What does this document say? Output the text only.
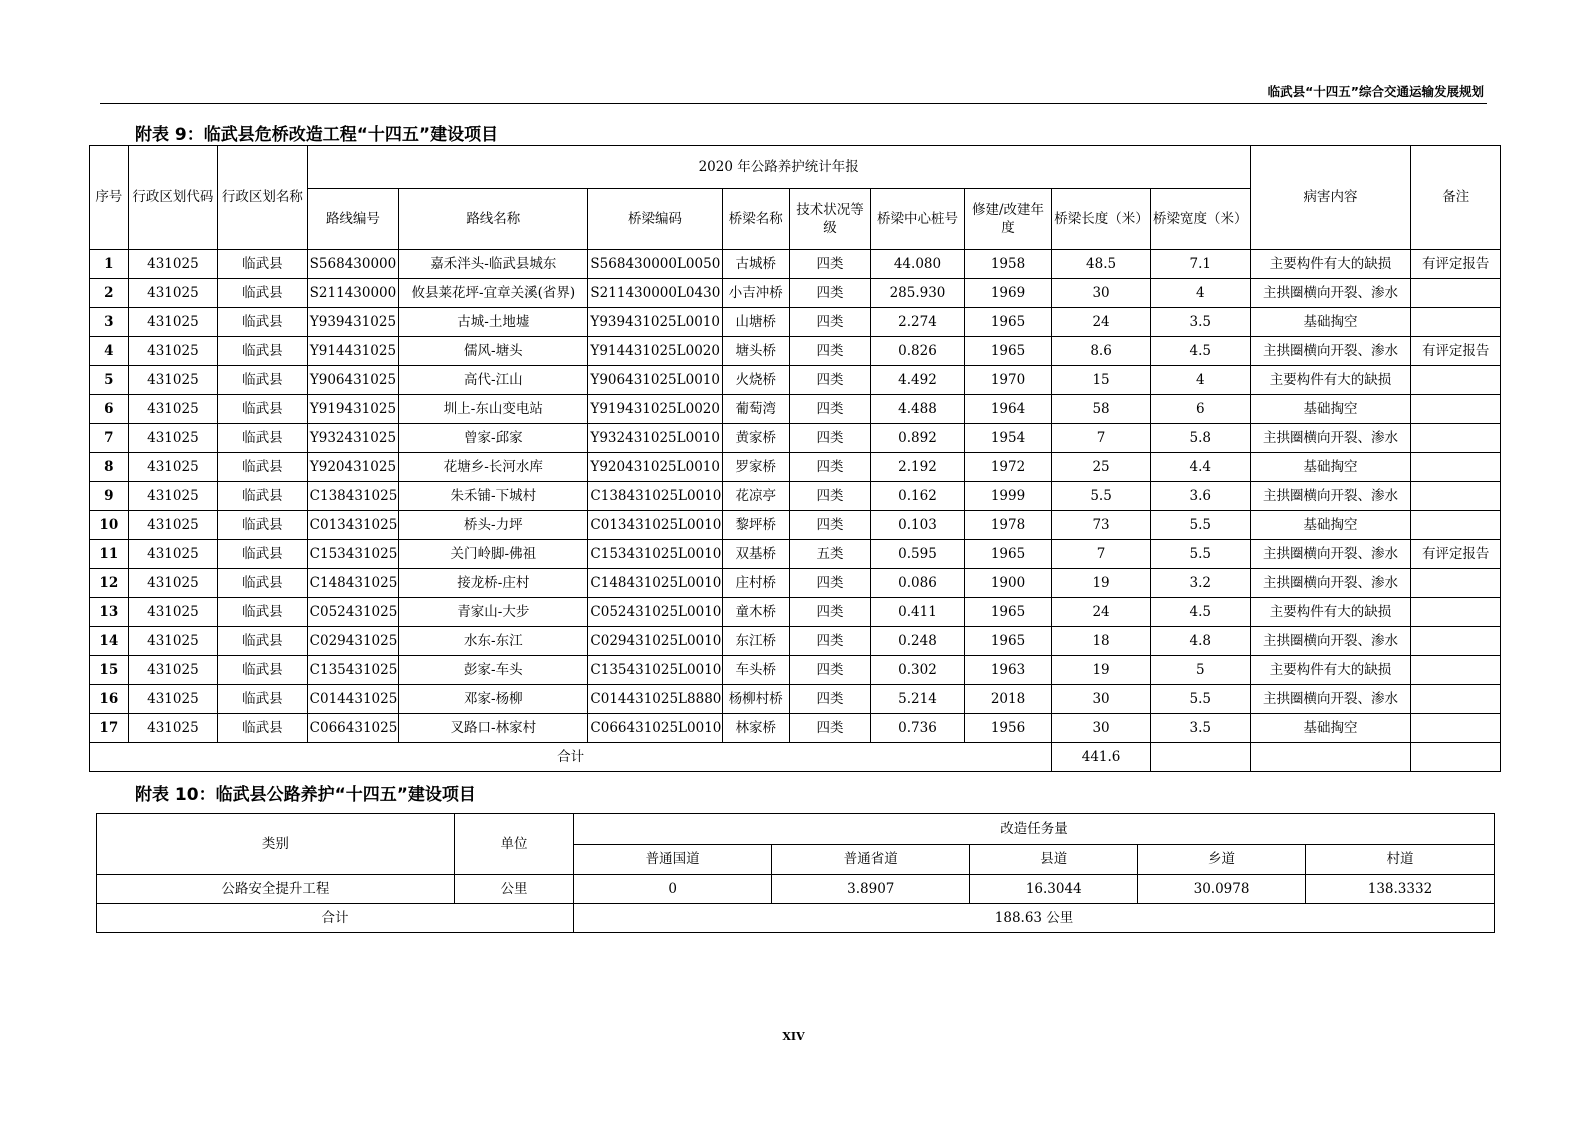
临武县“十四五”综合交通运输发展规划
附表 9：临武县危桥改造工程“十四五”建设项目
序号	行政区划代码	行政区划名称	2020 年公路养护统计年报									病害内容	备注
			路线编号	路线名称	桥梁编码	桥梁名称	技术状况等级	桥梁中心桩号	修建/改建年度	桥梁长度（米）	桥梁宽度（米）		
1	431025	临武县	S568430000	嘉禾泮头-临武县城东	S568430000L0050	古城桥	四类	44.080	1958	48.5	7.1	主要构件有大的缺损	有评定报告
2	431025	临武县	S211430000	攸县莱花坪-宜章关溪(省界)	S211430000L0430	小吉冲桥	四类	285.930	1969	30	4	主拱圈横向开裂、渗水	
3	431025	临武县	Y939431025	古城-土地墟	Y939431025L0010	山塘桥	四类	2.274	1965	24	3.5	基础掏空	
4	431025	临武县	Y914431025	儒风-塘头	Y914431025L0020	塘头桥	四类	0.826	1965	8.6	4.5	主拱圈横向开裂、渗水	有评定报告
5	431025	临武县	Y906431025	高代-江山	Y906431025L0010	火烧桥	四类	4.492	1970	15	4	主要构件有大的缺损	
6	431025	临武县	Y919431025	圳上-东山变电站	Y919431025L0020	葡萄湾	四类	4.488	1964	58	6	基础掏空	
7	431025	临武县	Y932431025	曾家-邱家	Y932431025L0010	黄家桥	四类	0.892	1954	7	5.8	主拱圈横向开裂、渗水	
8	431025	临武县	Y920431025	花塘乡-长河水库	Y920431025L0010	罗家桥	四类	2.192	1972	25	4.4	基础掏空	
9	431025	临武县	C138431025	朱禾铺-下城村	C138431025L0010	花凉亭	四类	0.162	1999	5.5	3.6	主拱圈横向开裂、渗水	
10	431025	临武县	C013431025	桥头-力坪	C013431025L0010	黎坪桥	四类	0.103	1978	73	5.5	基础掏空	
11	431025	临武县	C153431025	关门岭脚-佛祖	C153431025L0010	双基桥	五类	0.595	1965	7	5.5	主拱圈横向开裂、渗水	有评定报告
12	431025	临武县	C148431025	接龙桥-庄村	C148431025L0010	庄村桥	四类	0.086	1900	19	3.2	主拱圈横向开裂、渗水	
13	431025	临武县	C052431025	青家山-大步	C052431025L0010	童木桥	四类	0.411	1965	24	4.5	主要构件有大的缺损	
14	431025	临武县	C029431025	水东-东江	C029431025L0010	东江桥	四类	0.248	1965	18	4.8	主拱圈横向开裂、渗水	
15	431025	临武县	C135431025	彭家-车头	C135431025L0010	车头桥	四类	0.302	1963	19	5	主要构件有大的缺损	
16	431025	临武县	C014431025	邓家-杨柳	C014431025L8880	杨柳村桥	四类	5.214	2018	30	5.5	主拱圈横向开裂、渗水	
17	431025	临武县	C066431025	叉路口-林家村	C066431025L0010	林家桥	四类	0.736	1956	30	3.5	基础掏空	
合计										441.6			
附表 10：临武县公路养护“十四五”建设项目
类别	单位	改造任务量				
		普通国道	普通省道	县道	乡道	村道
公路安全提升工程	公里	0	3.8907	16.3044	30.0978	138.3332
合计		188.63 公里				
XIV
